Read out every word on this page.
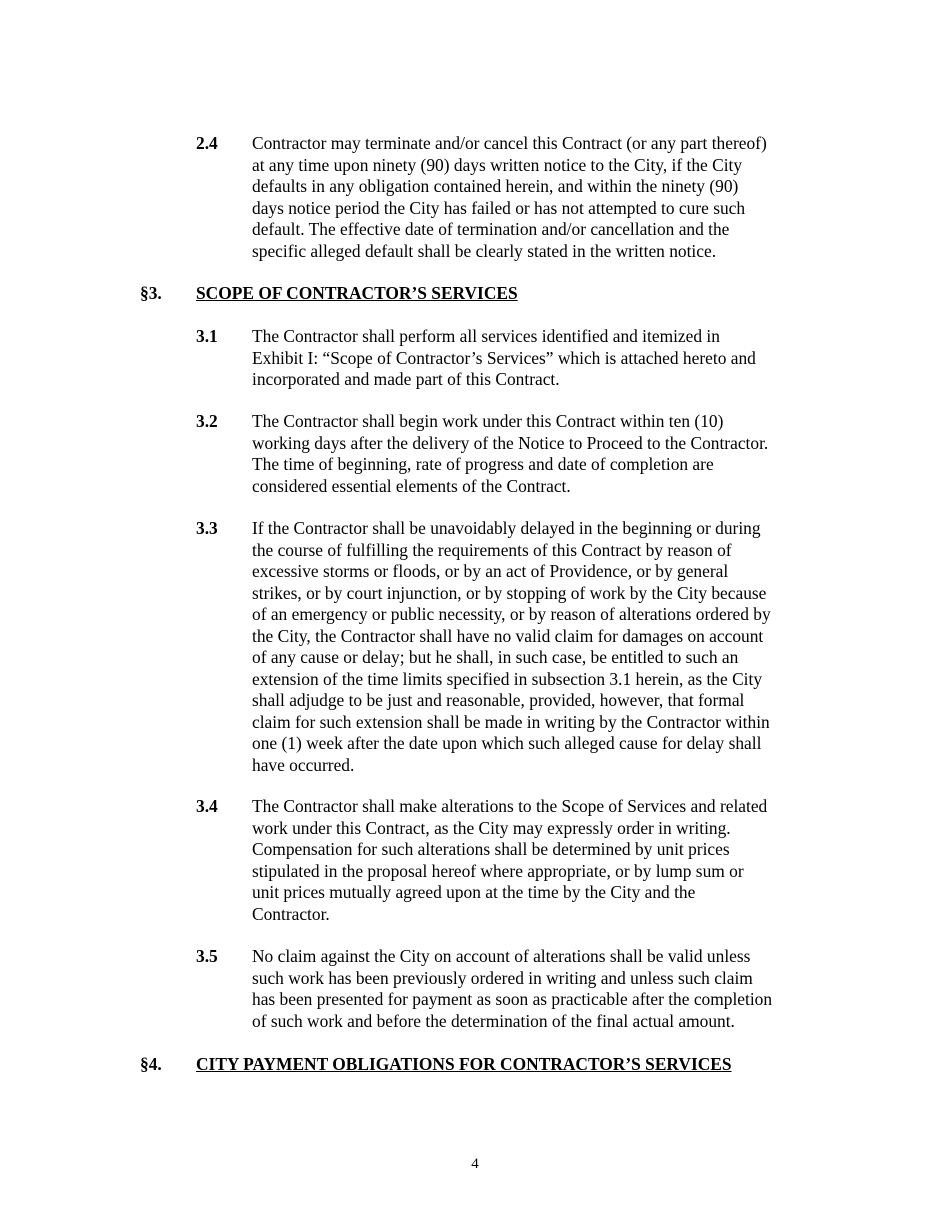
2.4 Contractor may terminate and/or cancel this Contract (or any part thereof)
at any time upon ninety (90) days written notice to the City, if the City
defaults in any obligation contained herein, and within the ninety (90)
days notice period the City has failed or has not attempted to cure such
default. The effective date of termination and/or cancellation and the
specific alleged default shall be clearly stated in the written notice.
§3. SCOPE OF CONTRACTOR’S SERVICES
3.1 The Contractor shall perform all services identified and itemized in
Exhibit I: “Scope of Contractor’s Services” which is attached hereto and
incorporated and made part of this Contract.
3.2 The Contractor shall begin work under this Contract within ten (10)
working days after the delivery of the Notice to Proceed to the Contractor.
The time of beginning, rate of progress and date of completion are
considered essential elements of the Contract.
3.3 If the Contractor shall be unavoidably delayed in the beginning or during
the course of fulfilling the requirements of this Contract by reason of
excessive storms or floods, or by an act of Providence, or by general
strikes, or by court injunction, or by stopping of work by the City because
of an emergency or public necessity, or by reason of alterations ordered by
the City, the Contractor shall have no valid claim for damages on account
of any cause or delay; but he shall, in such case, be entitled to such an
extension of the time limits specified in subsection 3.1 herein, as the City
shall adjudge to be just and reasonable, provided, however, that formal
claim for such extension shall be made in writing by the Contractor within
one (1) week after the date upon which such alleged cause for delay shall
have occurred.
3.4 The Contractor shall make alterations to the Scope of Services and related
work under this Contract, as the City may expressly order in writing.
Compensation for such alterations shall be determined by unit prices
stipulated in the proposal hereof where appropriate, or by lump sum or
unit prices mutually agreed upon at the time by the City and the
Contractor.
3.5 No claim against the City on account of alterations shall be valid unless
such work has been previously ordered in writing and unless such claim
has been presented for payment as soon as practicable after the completion
of such work and before the determination of the final actual amount.
§4. CITY PAYMENT OBLIGATIONS FOR CONTRACTOR’S SERVICES
4
